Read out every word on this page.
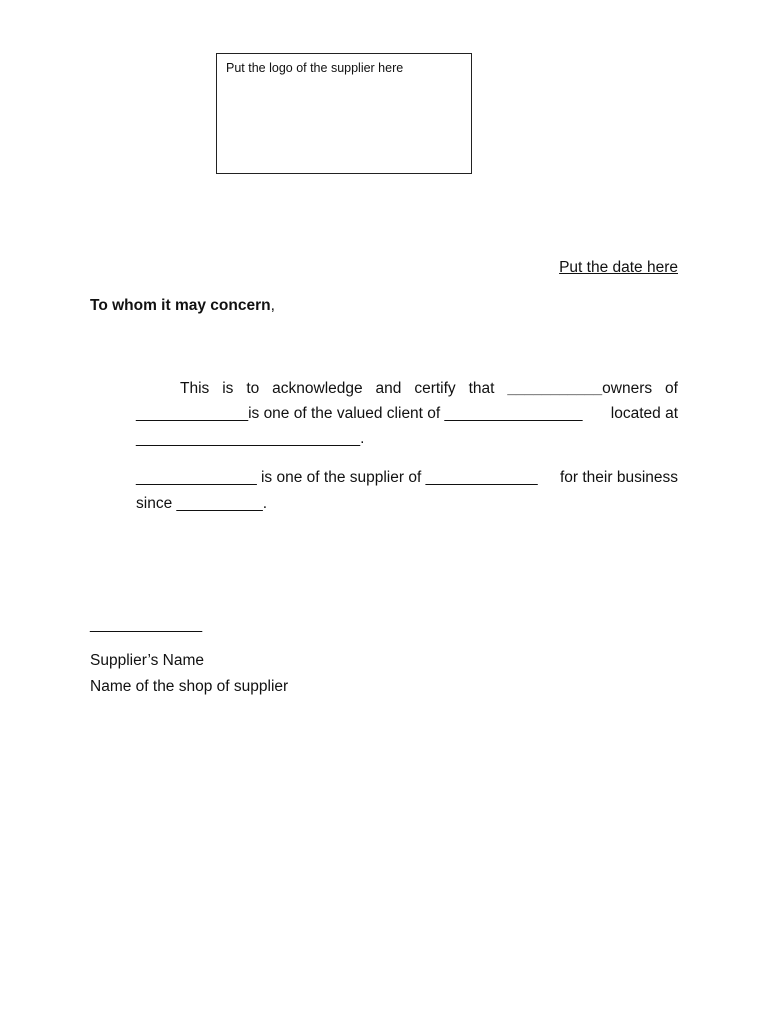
Put the logo of the supplier here
Put the date here
To whom it may concern,
This is to acknowledge and certify that ___________owners of
_____________is one of the valued client of ________________ located at
__________________________.
______________ is one of the supplier of _____________ for their business
since __________.
_____________
Supplier’s Name
Name of the shop of supplier
